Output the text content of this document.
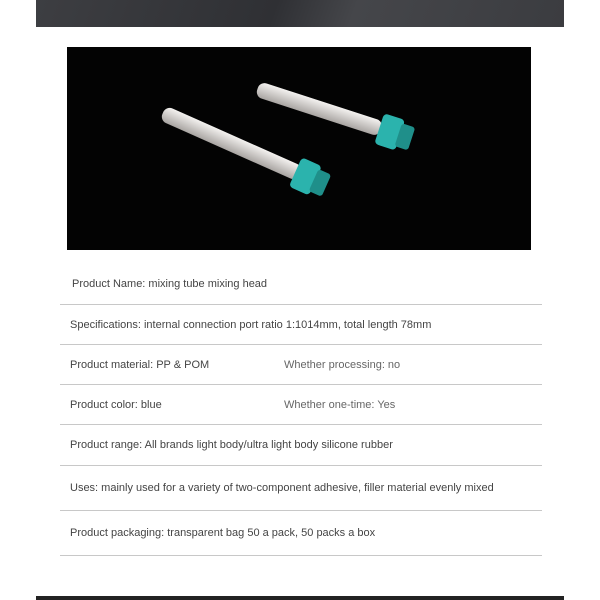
Product Name: mixing tube mixing head
Specifications: internal connection port ratio 1:1014mm, total length 78mm
Product material: PP & POM	Whether processing: no
Product color: blue	Whether one-time: Yes
Product range: All brands light body/ultra light body silicone rubber
Uses: mainly used for a variety of two-component adhesive, filler material evenly mixed
Product packaging: transparent bag 50 a pack, 50 packs a box
